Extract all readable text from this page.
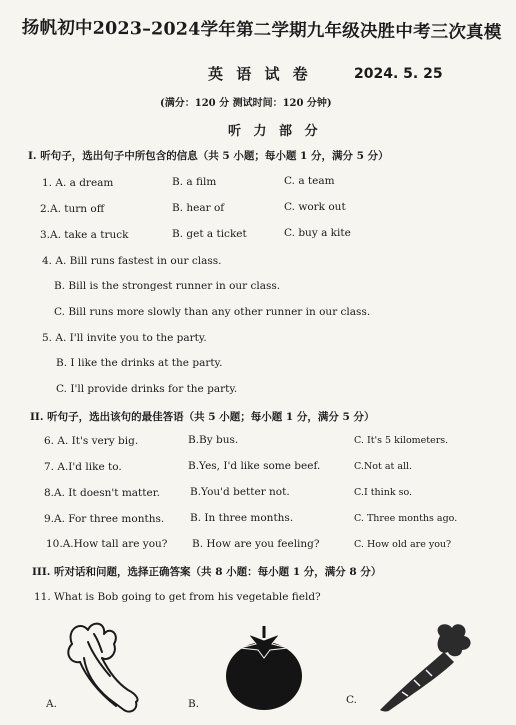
扬帆初中2023–2024学年第二学期九年级决胜中考三次真模
英 语 试 卷	2024. 5. 25
(满分：120 分 测试时间：120 分钟)
听 力 部 分
I. 听句子，选出句子中所包含的信息（共 5 小题；每小题 1 分，满分 5 分）
1. A. a dream	B. a film	C. a team
2.A. turn off	B. hear of	C. work out
3.A. take a truck	B. get a ticket	C. buy a kite
4. A. Bill runs fastest in our class.
B. Bill is the strongest runner in our class.
C. Bill runs more slowly than any other runner in our class.
5. A. I'll invite you to the party.
B. I like the drinks at the party.
C. I'll provide drinks for the party.
II. 听句子，选出该句的最佳答语（共 5 小题；每小题 1 分，满分 5 分）
6. A. It's very big.	B.By bus.	C. It's 5 kilometers.
7. A.I'd like to.	B.Yes, I'd like some beef.	C.Not at all.
8.A. It doesn't matter.	B.You'd better not.	C.I think so.
9.A. For three months. B. In three months.	C. Three months ago.
10.A.How tall are you? B. How are you feeling?	C. How old are you?
III. 听对话和问题，选择正确答案（共 8 小题：每小题 1 分，满分 8 分）
11. What is Bob going to get from his vegetable field?
A.	B.	C.
